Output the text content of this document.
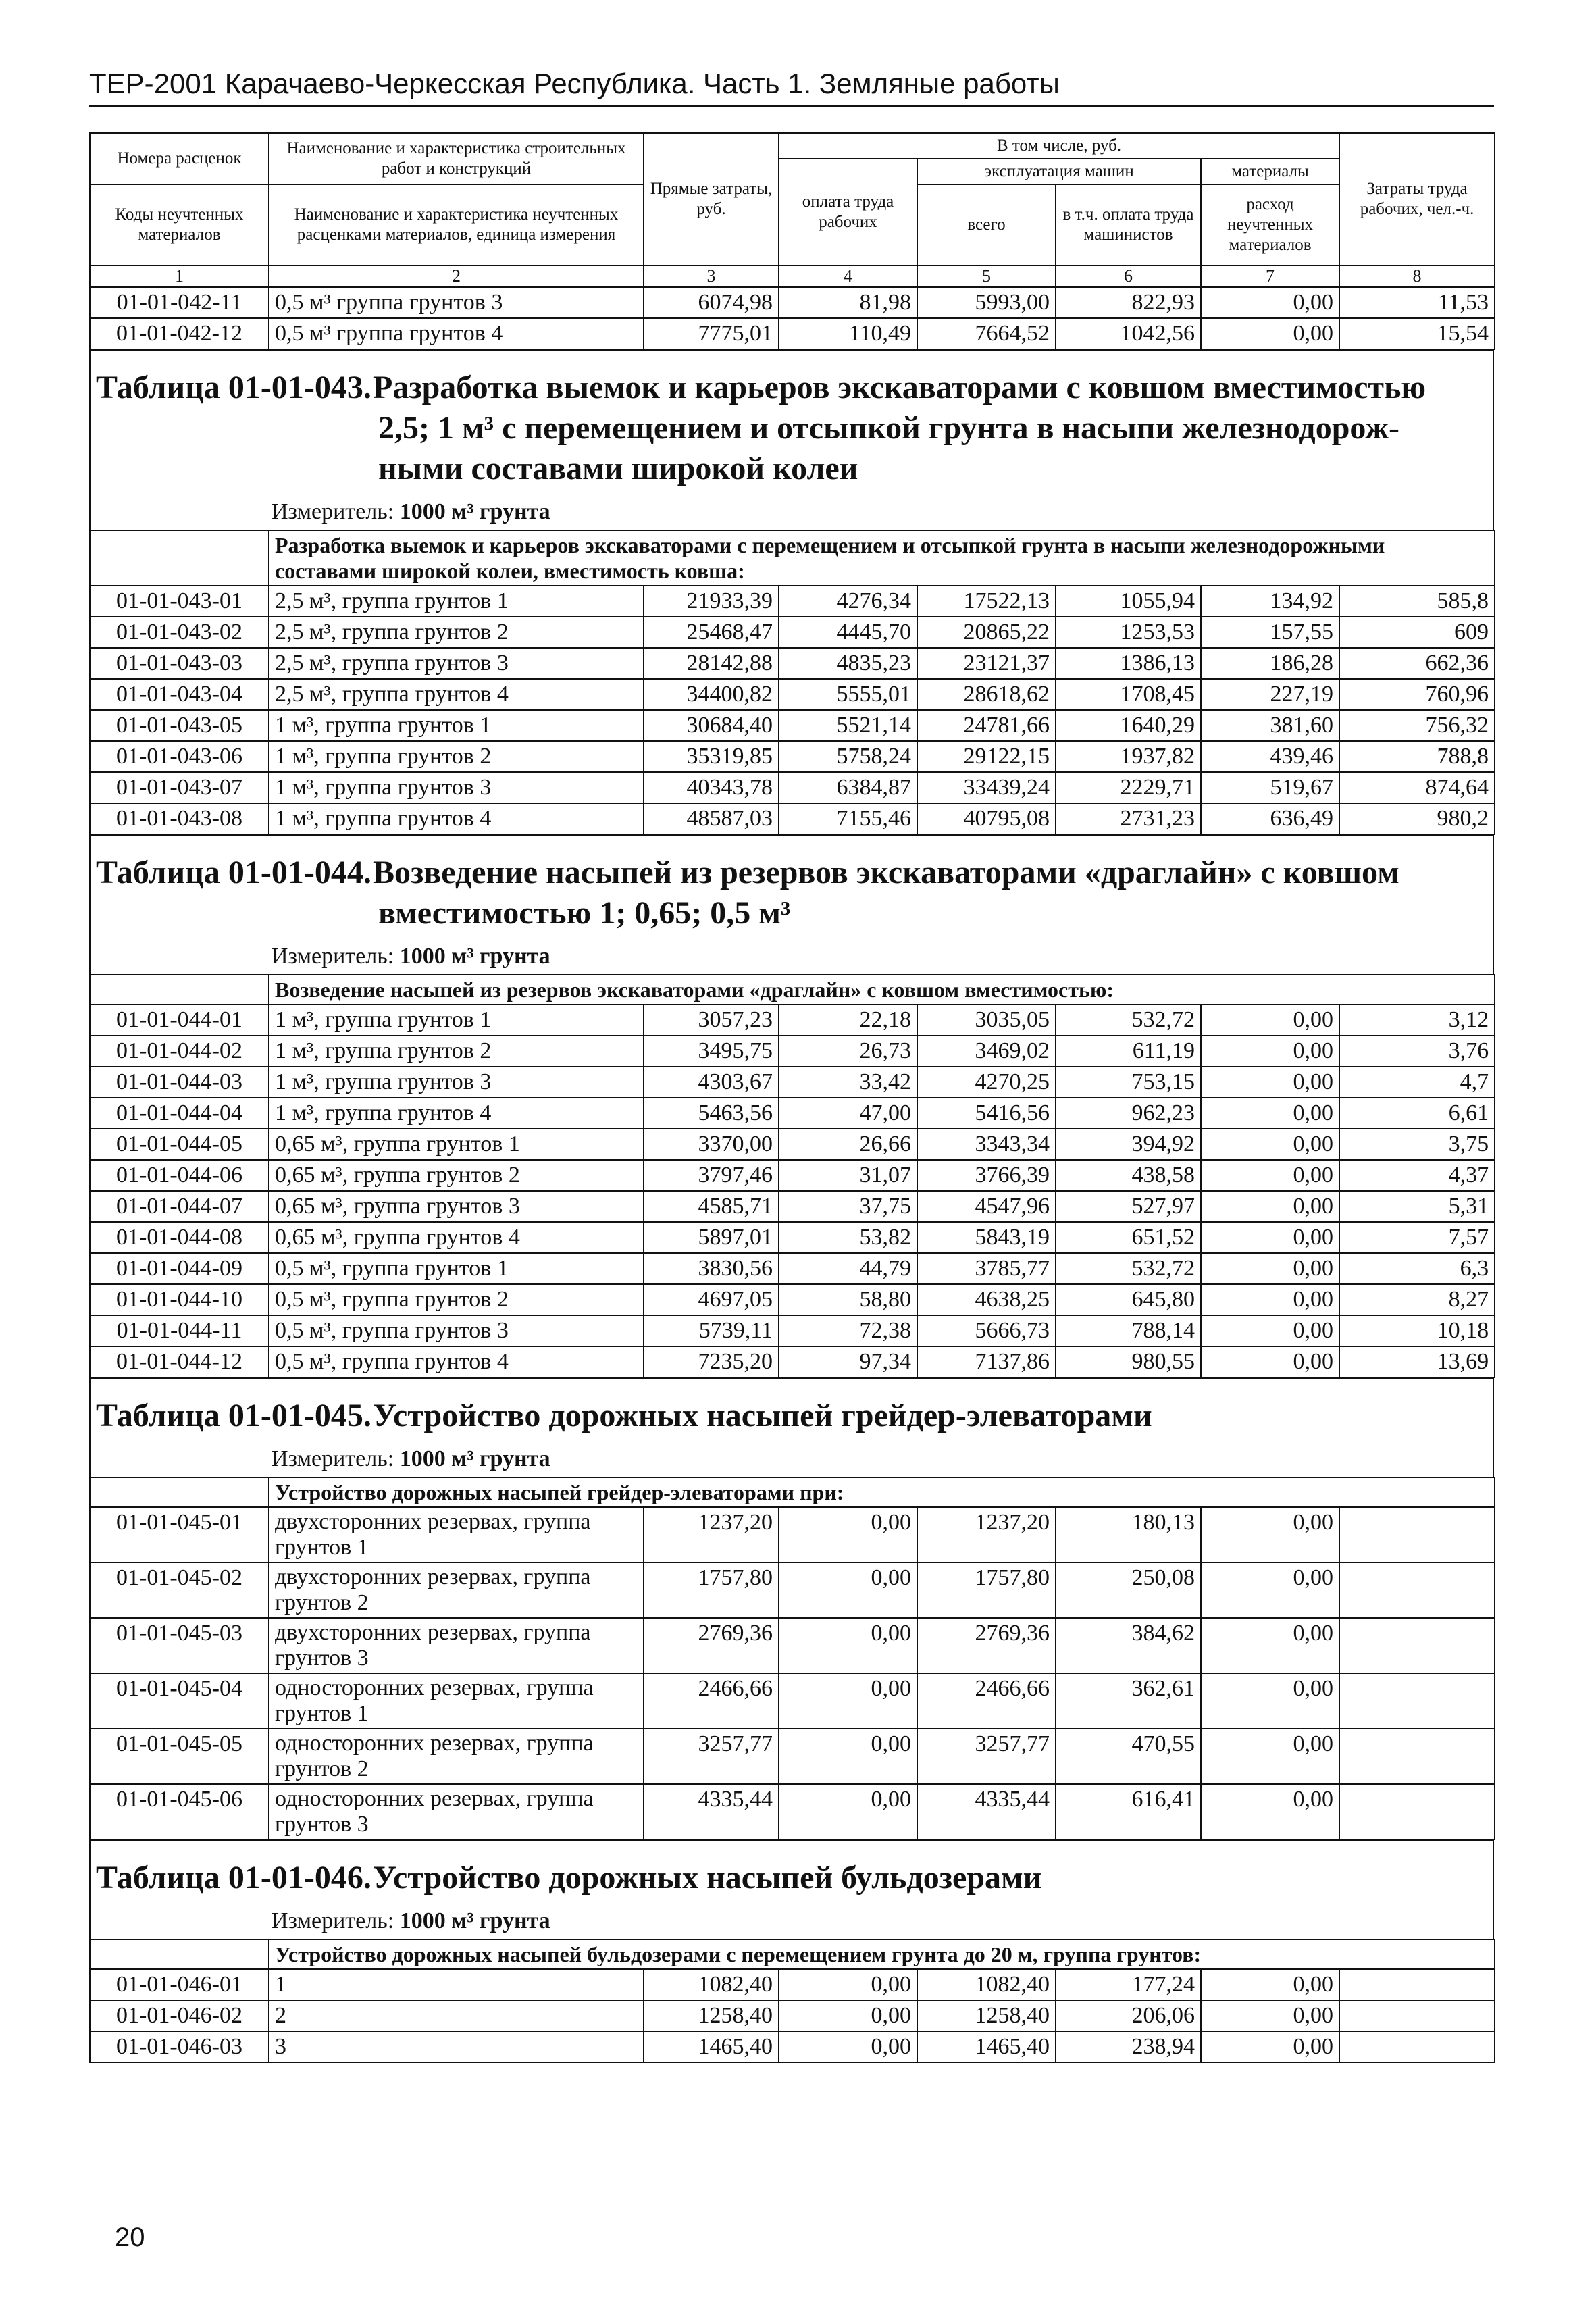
ТЕР-2001 Карачаево-Черкесская Республика. Часть 1. Земляные работы
Номера расценок	Наименование и характеристика строительных работ и конструкций	Прямые затраты, руб.	В том числе, руб.				Затраты труда рабочих, чел.-ч.
			оплата труда рабочих	эксплуатация машин		материалы	
Коды неучтенных материалов	Наименование и характеристика неучтенных расценками материалов, единица измерения			всего	в т.ч. оплата труда машинистов	расход неучтенных материалов	

1	2	3	4	5	6	7	8
01-01-042-11	0,5 м³ группа грунтов 3	6074,98	81,98	5993,00	822,93	0,00	11,53
01-01-042-12	0,5 м³ группа грунтов 4	7775,01	110,49	7664,52	1042,56	0,00	15,54
Таблица 01-01-043.Разработка выемок и карьеров экскаваторами с ковшом вместимостью
2,5; 1 м³ с перемещением и отсыпкой грунта в насыпи железнодорож-
ными составами широкой колеи
Измеритель: 1000 м³ грунта
	Разработка выемок и карьеров экскаваторами с перемещением и отсыпкой грунта в насыпи железнодорожными составами широкой колеи, вместимость ковша:						
01-01-043-01	2,5 м³, группа грунтов 1	21933,39	4276,34	17522,13	1055,94	134,92	585,8
01-01-043-02	2,5 м³, группа грунтов 2	25468,47	4445,70	20865,22	1253,53	157,55	609
01-01-043-03	2,5 м³, группа грунтов 3	28142,88	4835,23	23121,37	1386,13	186,28	662,36
01-01-043-04	2,5 м³, группа грунтов 4	34400,82	5555,01	28618,62	1708,45	227,19	760,96
01-01-043-05	1 м³, группа грунтов 1	30684,40	5521,14	24781,66	1640,29	381,60	756,32
01-01-043-06	1 м³, группа грунтов 2	35319,85	5758,24	29122,15	1937,82	439,46	788,8
01-01-043-07	1 м³, группа грунтов 3	40343,78	6384,87	33439,24	2229,71	519,67	874,64
01-01-043-08	1 м³, группа грунтов 4	48587,03	7155,46	40795,08	2731,23	636,49	980,2
Таблица 01-01-044.Возведение насыпей из резервов экскаваторами «драглайн» с ковшом
вместимостью 1; 0,65; 0,5 м³
Измеритель: 1000 м³ грунта
	Возведение насыпей из резервов экскаваторами «драглайн» с ковшом вместимостью:						
01-01-044-01	1 м³, группа грунтов 1	3057,23	22,18	3035,05	532,72	0,00	3,12
01-01-044-02	1 м³, группа грунтов 2	3495,75	26,73	3469,02	611,19	0,00	3,76
01-01-044-03	1 м³, группа грунтов 3	4303,67	33,42	4270,25	753,15	0,00	4,7
01-01-044-04	1 м³, группа грунтов 4	5463,56	47,00	5416,56	962,23	0,00	6,61
01-01-044-05	0,65 м³, группа грунтов 1	3370,00	26,66	3343,34	394,92	0,00	3,75
01-01-044-06	0,65 м³, группа грунтов 2	3797,46	31,07	3766,39	438,58	0,00	4,37
01-01-044-07	0,65 м³, группа грунтов 3	4585,71	37,75	4547,96	527,97	0,00	5,31
01-01-044-08	0,65 м³, группа грунтов 4	5897,01	53,82	5843,19	651,52	0,00	7,57
01-01-044-09	0,5 м³, группа грунтов 1	3830,56	44,79	3785,77	532,72	0,00	6,3
01-01-044-10	0,5 м³, группа грунтов 2	4697,05	58,80	4638,25	645,80	0,00	8,27
01-01-044-11	0,5 м³, группа грунтов 3	5739,11	72,38	5666,73	788,14	0,00	10,18
01-01-044-12	0,5 м³, группа грунтов 4	7235,20	97,34	7137,86	980,55	0,00	13,69
Таблица 01-01-045.Устройство дорожных насыпей грейдер-элеваторами
Измеритель: 1000 м³ грунта
	Устройство дорожных насыпей грейдер-элеваторами при:						
01-01-045-01	двухсторонних резервах, группа грунтов 1	1237,20	0,00	1237,20	180,13	0,00	
01-01-045-02	двухсторонних резервах, группа грунтов 2	1757,80	0,00	1757,80	250,08	0,00	
01-01-045-03	двухсторонних резервах, группа грунтов 3	2769,36	0,00	2769,36	384,62	0,00	
01-01-045-04	односторонних резервах, группа грунтов 1	2466,66	0,00	2466,66	362,61	0,00	
01-01-045-05	односторонних резервах, группа грунтов 2	3257,77	0,00	3257,77	470,55	0,00	
01-01-045-06	односторонних резервах, группа грунтов 3	4335,44	0,00	4335,44	616,41	0,00	
Таблица 01-01-046.Устройство дорожных насыпей бульдозерами
Измеритель: 1000 м³ грунта
	Устройство дорожных насыпей бульдозерами с перемещением грунта до 20 м, группа грунтов:						
01-01-046-01	1	1082,40	0,00	1082,40	177,24	0,00	
01-01-046-02	2	1258,40	0,00	1258,40	206,06	0,00	
01-01-046-03	3	1465,40	0,00	1465,40	238,94	0,00	
20
